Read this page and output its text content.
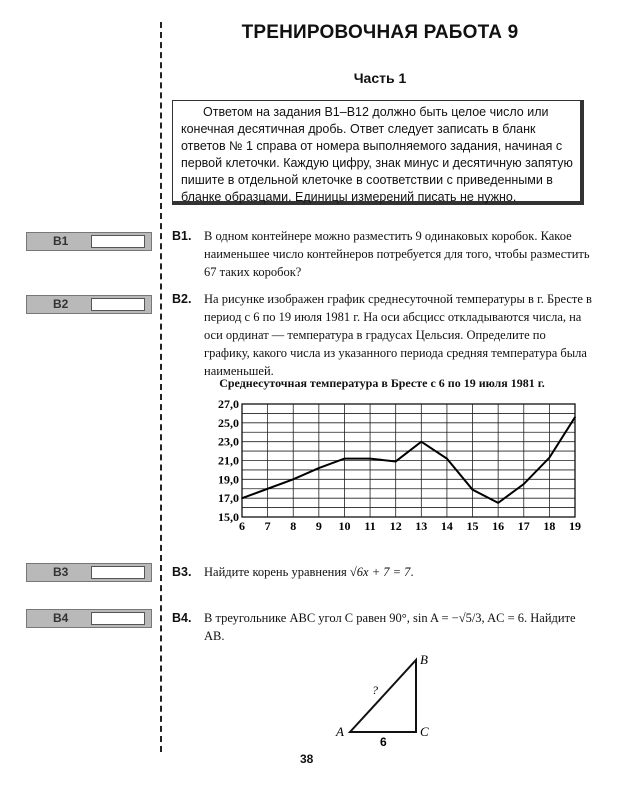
ТРЕНИРОВОЧНАЯ РАБОТА 9
Часть 1
Ответом на задания В1–В12 должно быть целое число или конечная десятичная дробь. Ответ следует записать в бланк ответов № 1 справа от номера выполняемого задания, начиная с первой клеточки. Каждую цифру, знак минус и десятичную запятую пишите в отдельной клеточке в соответствии с приведенными в бланке образцами. Единицы измерений писать не нужно.
В1
В2
В3
В4
В1. В одном контейнере можно разместить 9 одинаковых коробок. Какое наименьшее число контейнеров потребуется для того, чтобы разместить 67 таких коробок?
В2. На рисунке изображен график среднесуточной температуры в г. Бресте в период с 6 по 19 июля 1981 г. На оси абсцисс откладываются числа, на оси ординат — температура в градусах Цельсия. Определите по графику, какого числа из указанного периода средняя температура была наименьшей.
Среднесуточная температура в Бресте с 6 по 19 июля 1981 г.
15,0
17,0
19,0
21,0
23,0
25,0
27,0
6 7 8 9 10 11 12 13 14 15 16 17 18 19
В3. Найдите корень уравнения √6x + 7 = 7.
В4. В треугольнике ABC угол C равен 90°, sin A = −√5/3, AC = 6. Найдите AB.
A
B
C
6
?
38
